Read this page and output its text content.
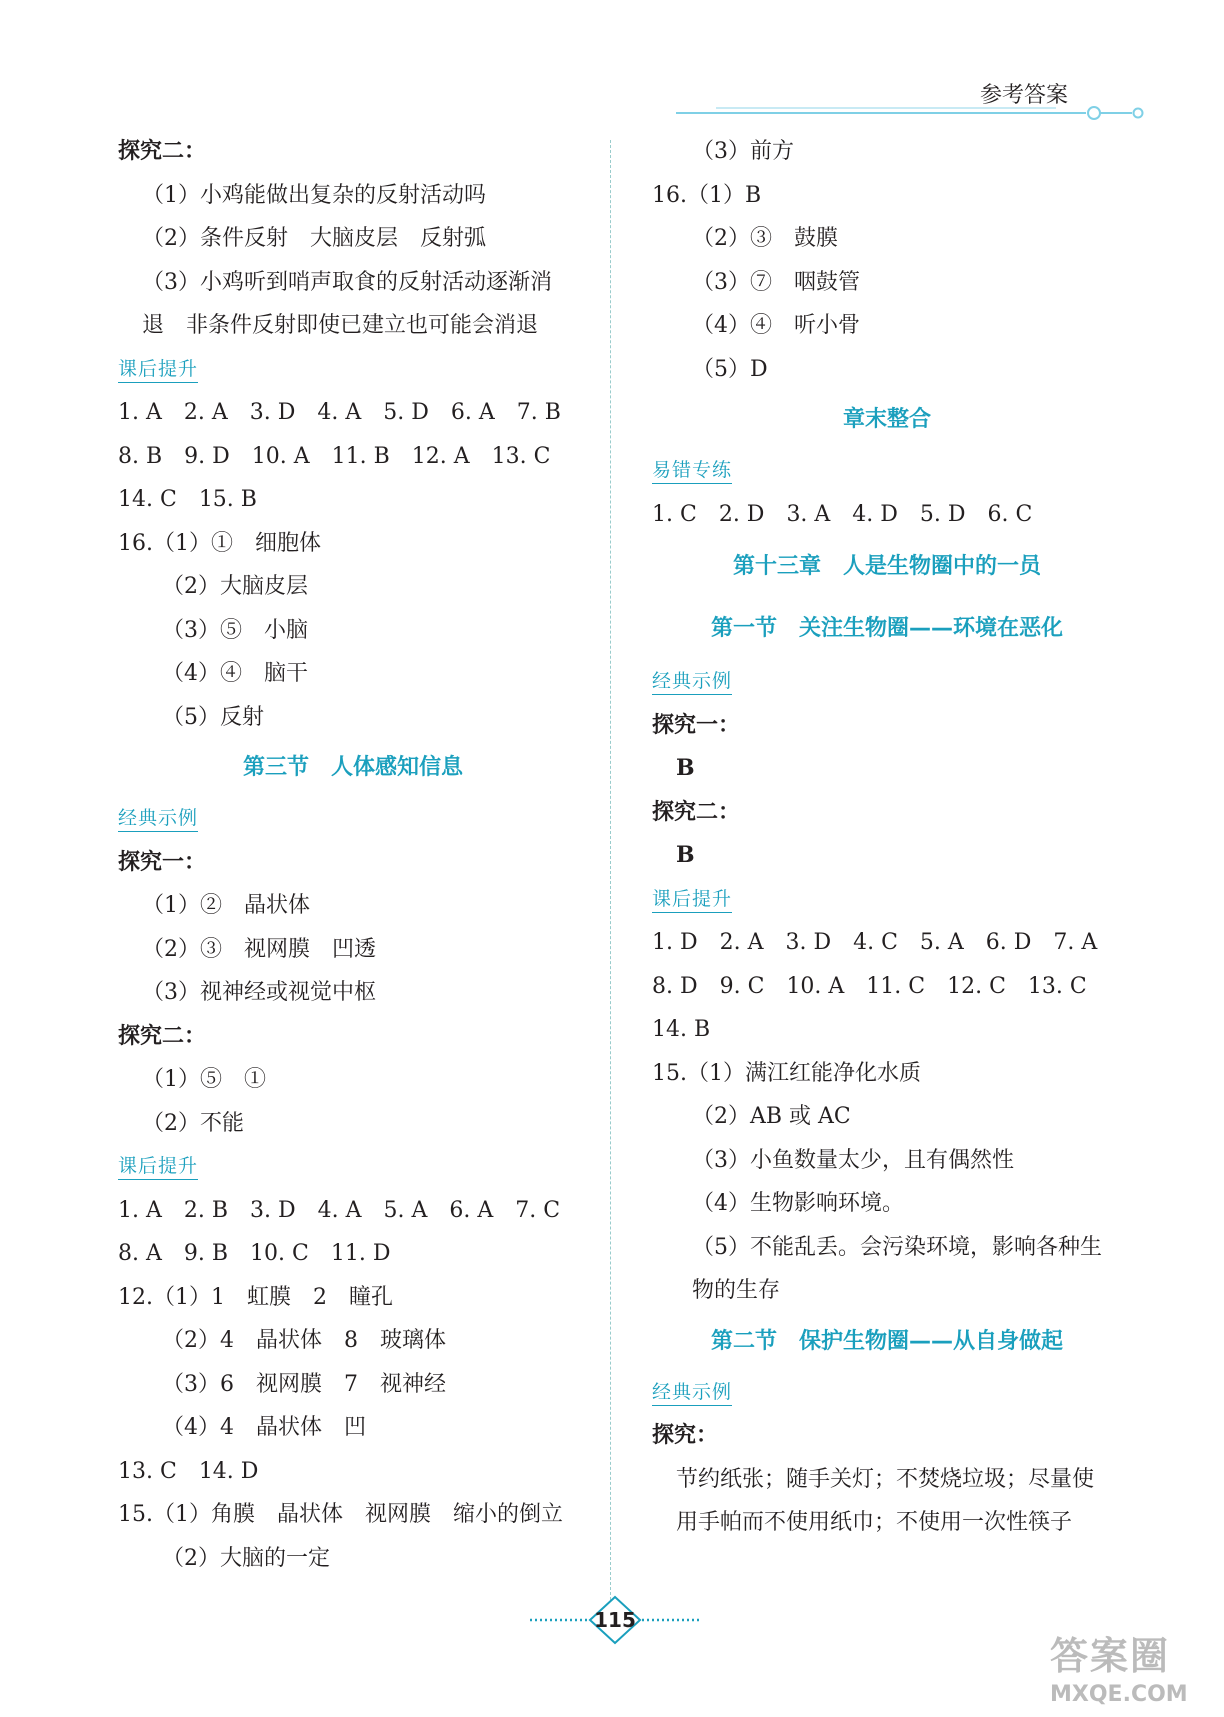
参考答案
探究二：
（1）小鸡能做出复杂的反射活动吗
（2）条件反射　大脑皮层　反射弧
（3）小鸡听到哨声取食的反射活动逐渐消
退　非条件反射即使已建立也可能会消退
课后提升
1. A　2. A　3. D　4. A　5. D　6. A　7. B
8. B　9. D　10. A　11. B　12. A　13. C
14. C　15. B
16.（1）①　细胞体
（2）大脑皮层
（3）⑤　小脑
（4）④　脑干
（5）反射
第三节　人体感知信息
经典示例
探究一：
（1）②　晶状体
（2）③　视网膜　凹透
（3）视神经或视觉中枢
探究二：
（1）⑤　①
（2）不能
课后提升
1. A　2. B　3. D　4. A　5. A　6. A　7. C
8. A　9. B　10. C　11. D
12.（1）1　虹膜　2　瞳孔
（2）4　晶状体　8　玻璃体
（3）6　视网膜　7　视神经
（4）4　晶状体　凹
13. C　14. D
15.（1）角膜　晶状体　视网膜　缩小的倒立
（2）大脑的一定
（3）前方
16.（1）B
（2）③　鼓膜
（3）⑦　咽鼓管
（4）④　听小骨
（5）D
章末整合
易错专练
1. C　2. D　3. A　4. D　5. D　6. C
第十三章　人是生物圈中的一员
第一节　关注生物圈——环境在恶化
经典示例
探究一：
B
探究二：
B
课后提升
1. D　2. A　3. D　4. C　5. A　6. D　7. A
8. D　9. C　10. A　11. C　12. C　13. C
14. B
15.（1）满江红能净化水质
（2）AB 或 AC
（3）小鱼数量太少，且有偶然性
（4）生物影响环境。
（5）不能乱丢。会污染环境，影响各种生
物的生存
第二节　保护生物圈——从自身做起
经典示例
探究：
节约纸张；随手关灯；不焚烧垃圾；尽量使
用手帕而不使用纸巾；不使用一次性筷子
115
答案圈
MXQE.COM
